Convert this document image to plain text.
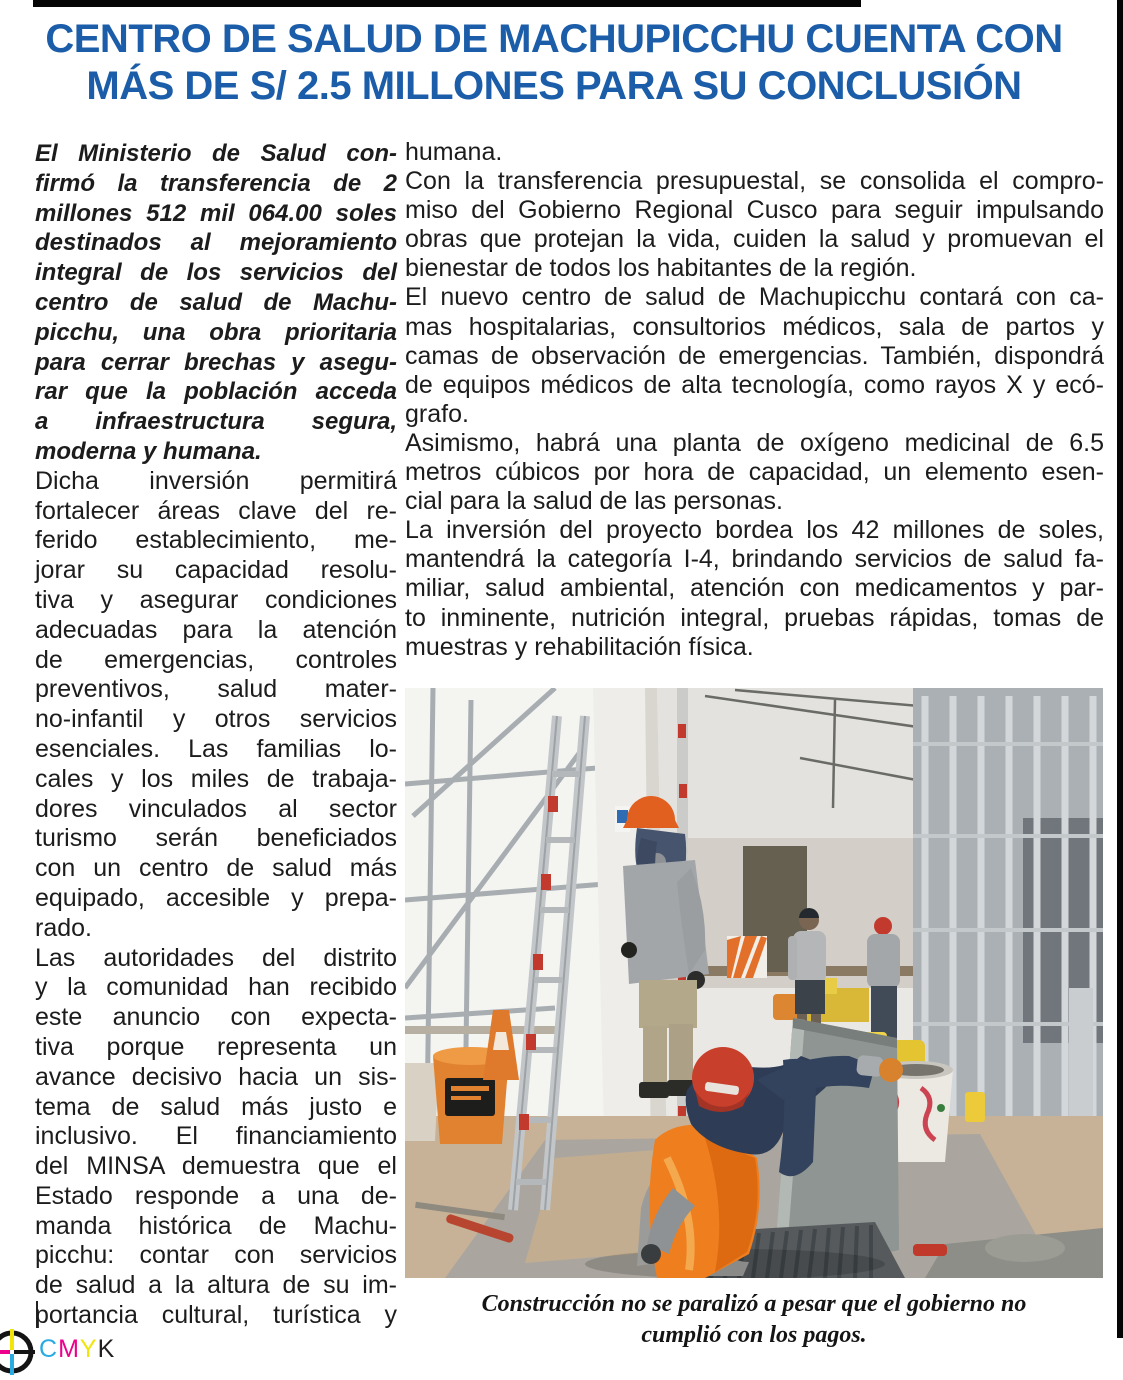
CENTRO DE SALUD DE MACHUPICCHU CUENTA CON
MÁS DE S/ 2.5 MILLONES PARA SU CONCLUSIÓN
El Ministerio de Salud con-
firmó la transferencia de 2
millones 512 mil 064.00 soles
destinados al mejoramiento
integral de los servicios del
centro de salud de Machu-
picchu, una obra prioritaria
para cerrar brechas y asegu-
rar que la población acceda
a infraestructura segura,
moderna y humana.
Dicha inversión permitirá
fortalecer áreas clave del re-
ferido establecimiento, me-
jorar su capacidad resolu-
tiva y asegurar condiciones
adecuadas para la atención
de emergencias, controles
preventivos, salud mater-
no-infantil y otros servicios
esenciales. Las familias lo-
cales y los miles de trabaja-
dores vinculados al sector
turismo serán beneficiados
con un centro de salud más
equipado, accesible y prepa-
rado.
Las autoridades del distrito
y la comunidad han recibido
este anuncio con expecta-
tiva porque representa un
avance decisivo hacia un sis-
tema de salud más justo e
inclusivo. El financiamiento
del MINSA demuestra que el
Estado responde a una de-
manda histórica de Machu-
picchu: contar con servicios
de salud a la altura de su im-
portancia cultural, turística y
humana.
Con la transferencia presupuestal, se consolida el compro-
miso del Gobierno Regional Cusco para seguir impulsando
obras que protejan la vida, cuiden la salud y promuevan el
bienestar de todos los habitantes de la región.
El nuevo centro de salud de Machupicchu contará con ca-
mas hospitalarias, consultorios médicos, sala de partos y
camas de observación de emergencias. También, dispondrá
de equipos médicos de alta tecnología, como rayos X y ecó-
grafo.
Asimismo, habrá una planta de oxígeno medicinal de 6.5
metros cúbicos por hora de capacidad, un elemento esen-
cial para la salud de las personas.
La inversión del proyecto bordea los 42 millones de soles,
mantendrá la categoría I-4, brindando servicios de salud fa-
miliar, salud ambiental, atención con medicamentos y par-
to inminente, nutrición integral, pruebas rápidas, tomas de
muestras y rehabilitación física.
Construcción no se paralizó a pesar que el gobierno no
cumplió con los pagos.
CMYK
